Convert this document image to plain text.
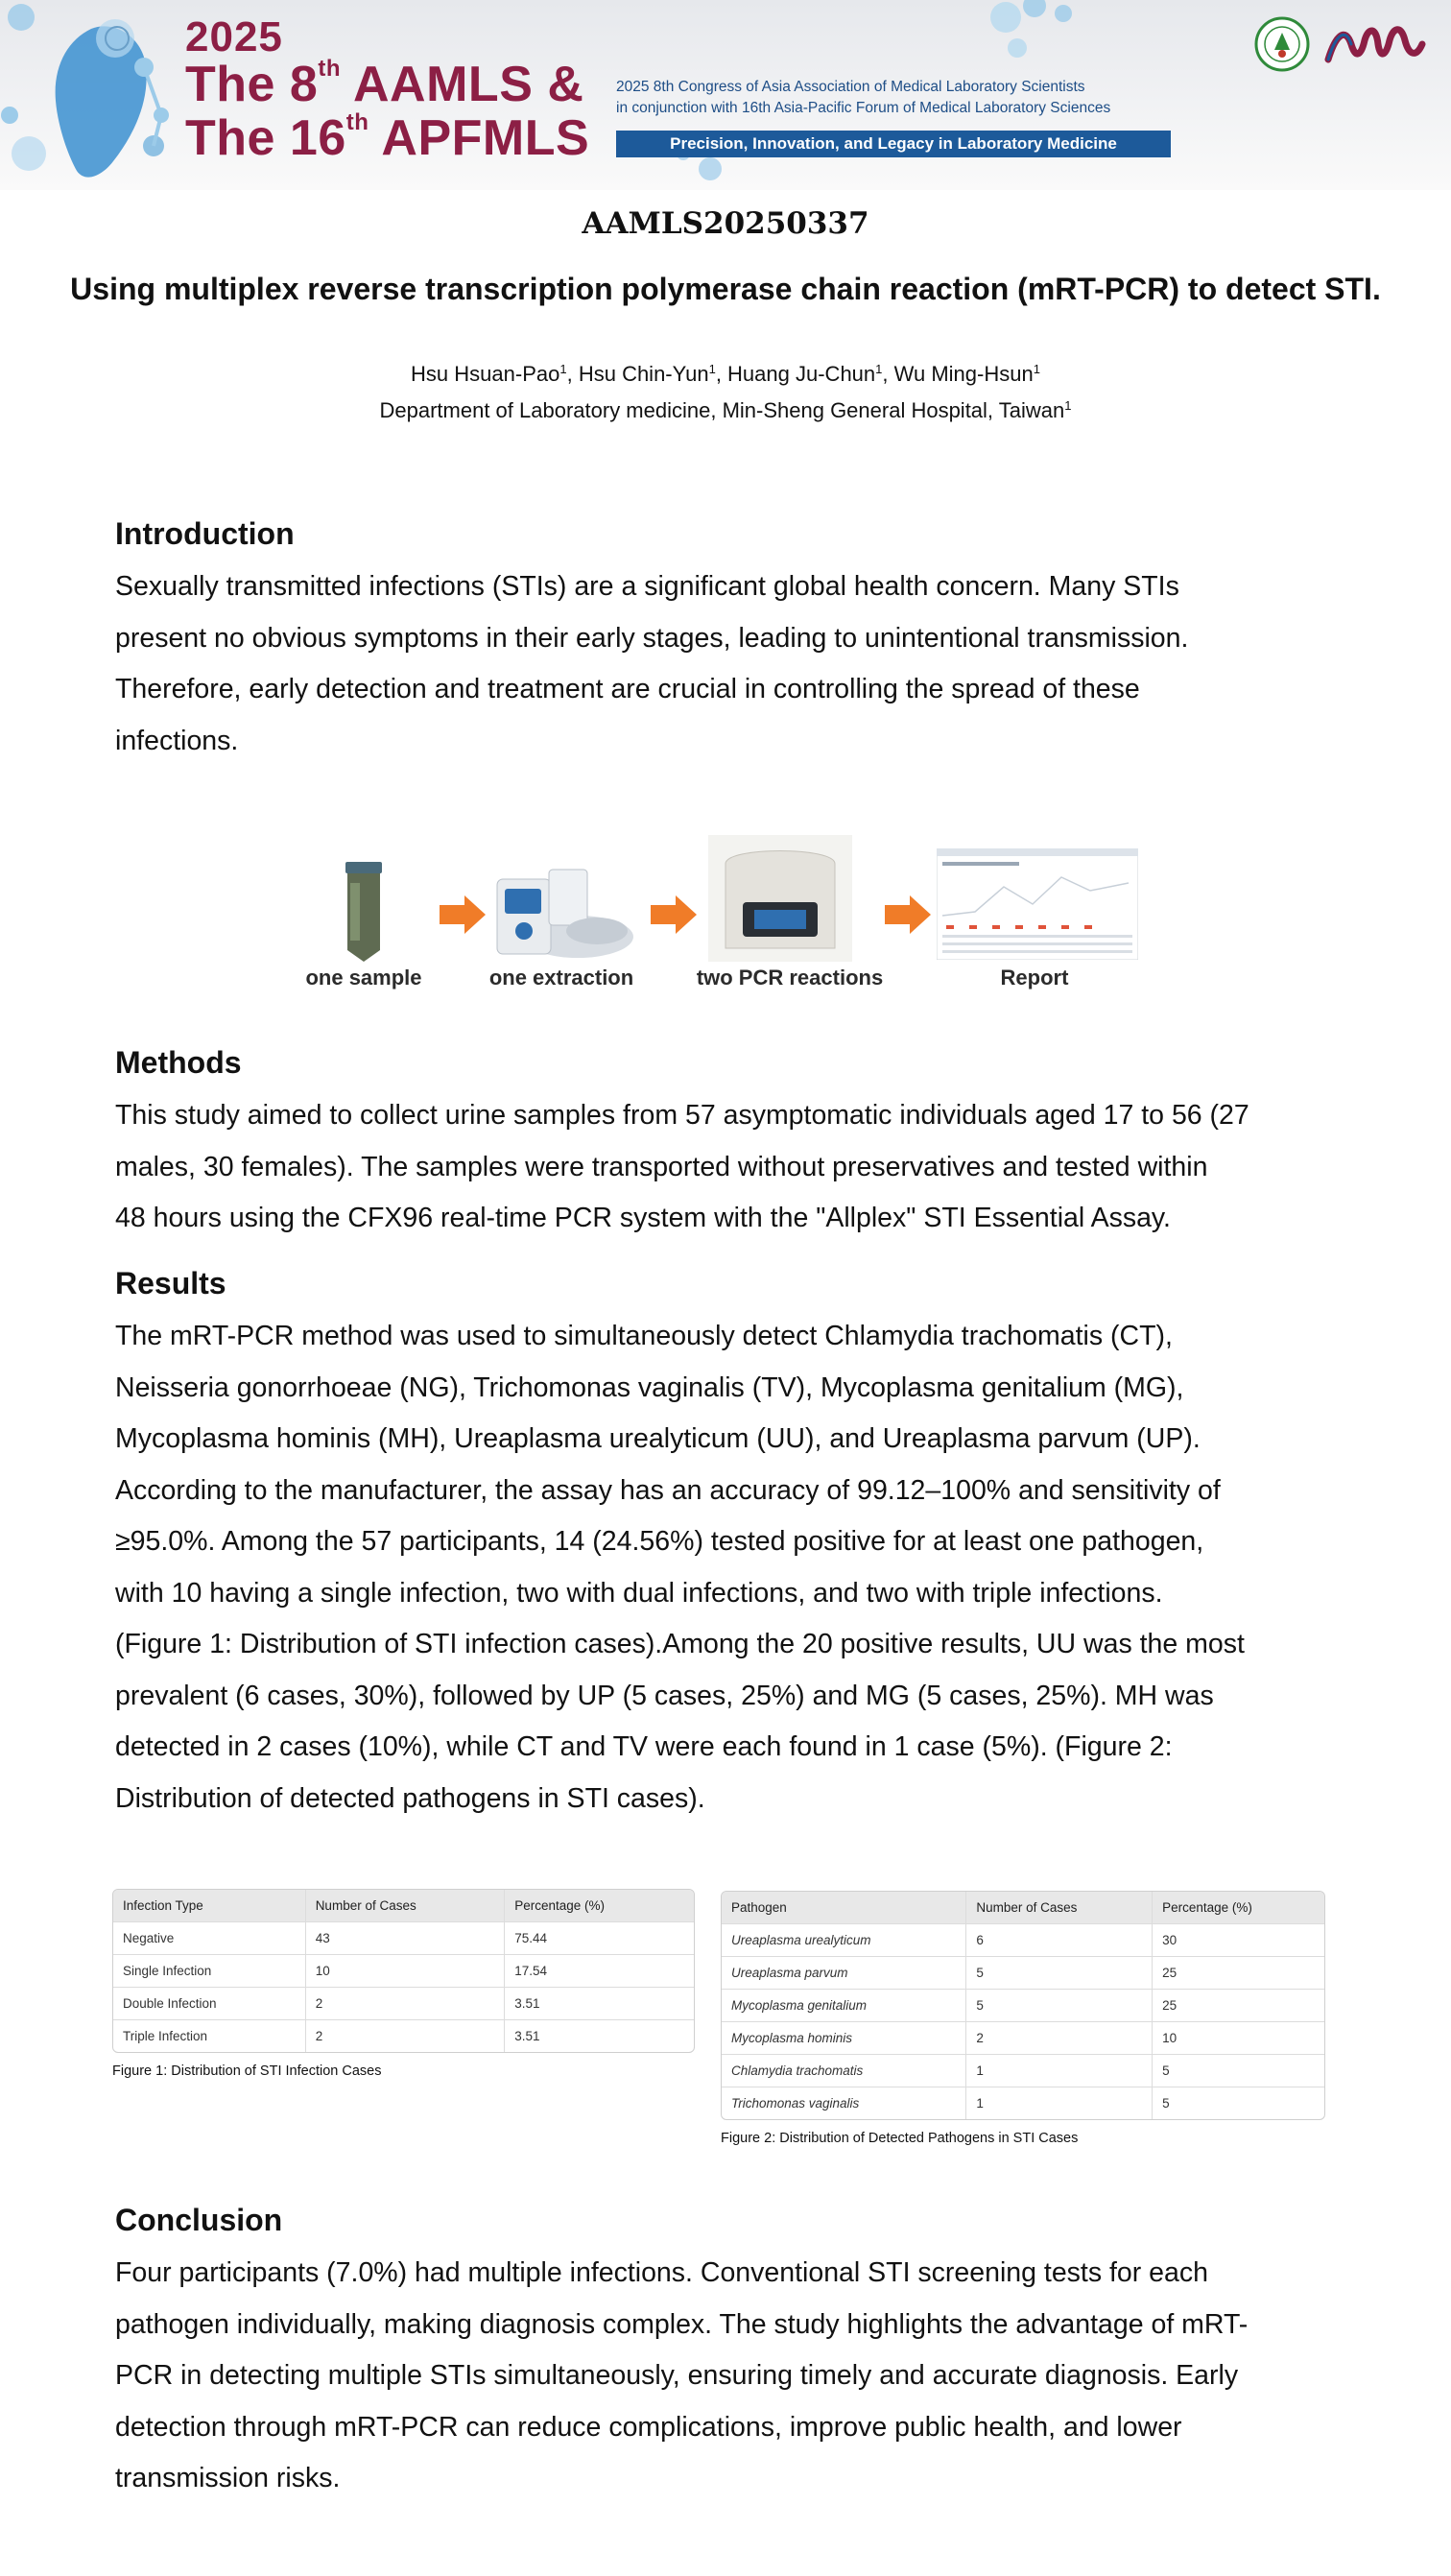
2025
The 8th AAMLS &
The 16th APFMLS
2025 8th Congress of Asia Association of Medical Laboratory Scientists
in conjunction with 16th Asia-Pacific Forum of Medical Laboratory Sciences
Precision, Innovation, and Legacy in Laboratory Medicine
AAMLS20250337
Using multiplex reverse transcription polymerase chain reaction (mRT-PCR) to detect STI.
Hsu Hsuan-Pao$^1$, Hsu Chin-Yun$^1$, Huang Ju-Chun$^1$, Wu Ming-Hsun$^1$
Department of Laboratory medicine, Min-Sheng General Hospital, Taiwan$^1$
Introduction

Sexually transmitted infections (STIs) are a significant global health concern. Many STIs
present no obvious symptoms in their early stages, leading to unintentional transmission.
Therefore, early detection and treatment are crucial in controlling the spread of these
infections.

one sample	one extraction	two PCR reactions	Report
Methods

This study aimed to collect urine samples from 57 asymptomatic individuals aged 17 to 56 (27
males, 30 females). The samples were transported without preservatives and tested within
48 hours using the CFX96 real-time PCR system with the "Allplex" STI Essential Assay.

Results

The mRT-PCR method was used to simultaneously detect Chlamydia trachomatis (CT),
Neisseria gonorrhoeae (NG), Trichomonas vaginalis (TV), Mycoplasma genitalium (MG),
Mycoplasma hominis (MH), Ureaplasma urealyticum (UU), and Ureaplasma parvum (UP).
According to the manufacturer, the assay has an accuracy of 99.12–100% and sensitivity of
≥95.0%. Among the 57 participants, 14 (24.56%) tested positive for at least one pathogen,
with 10 having a single infection, two with dual infections, and two with triple infections.
(Figure 1: Distribution of STI infection cases).Among the 20 positive results, UU was the most
prevalent (6 cases, 30%), followed by UP (5 cases, 25%) and MG (5 cases, 25%). MH was
detected in 2 cases (10%), while CT and TV were each found in 1 case (5%). (Figure 2:
Distribution of detected pathogens in STI cases).

Infection Type	Number of Cases	Percentage (%)
Negative	43	75.44
Single Infection	10	17.54
Double Infection	2	3.51
Triple Infection	2	3.51
Figure 1: Distribution of STI Infection Cases
Pathogen	Number of Cases	Percentage (%)
Ureaplasma urealyticum	6	30
Ureaplasma parvum	5	25
Mycoplasma genitalium	5	25
Mycoplasma hominis	2	10
Chlamydia trachomatis	1	5
Trichomonas vaginalis	1	5
Figure 2: Distribution of Detected Pathogens in STI Cases
Conclusion

Four participants (7.0%) had multiple infections. Conventional STI screening tests for each
pathogen individually, making diagnosis complex. The study highlights the advantage of mRT-
PCR in detecting multiple STIs simultaneously, ensuring timely and accurate diagnosis. Early
detection through mRT-PCR can reduce complications, improve public health, and lower
transmission risks.
